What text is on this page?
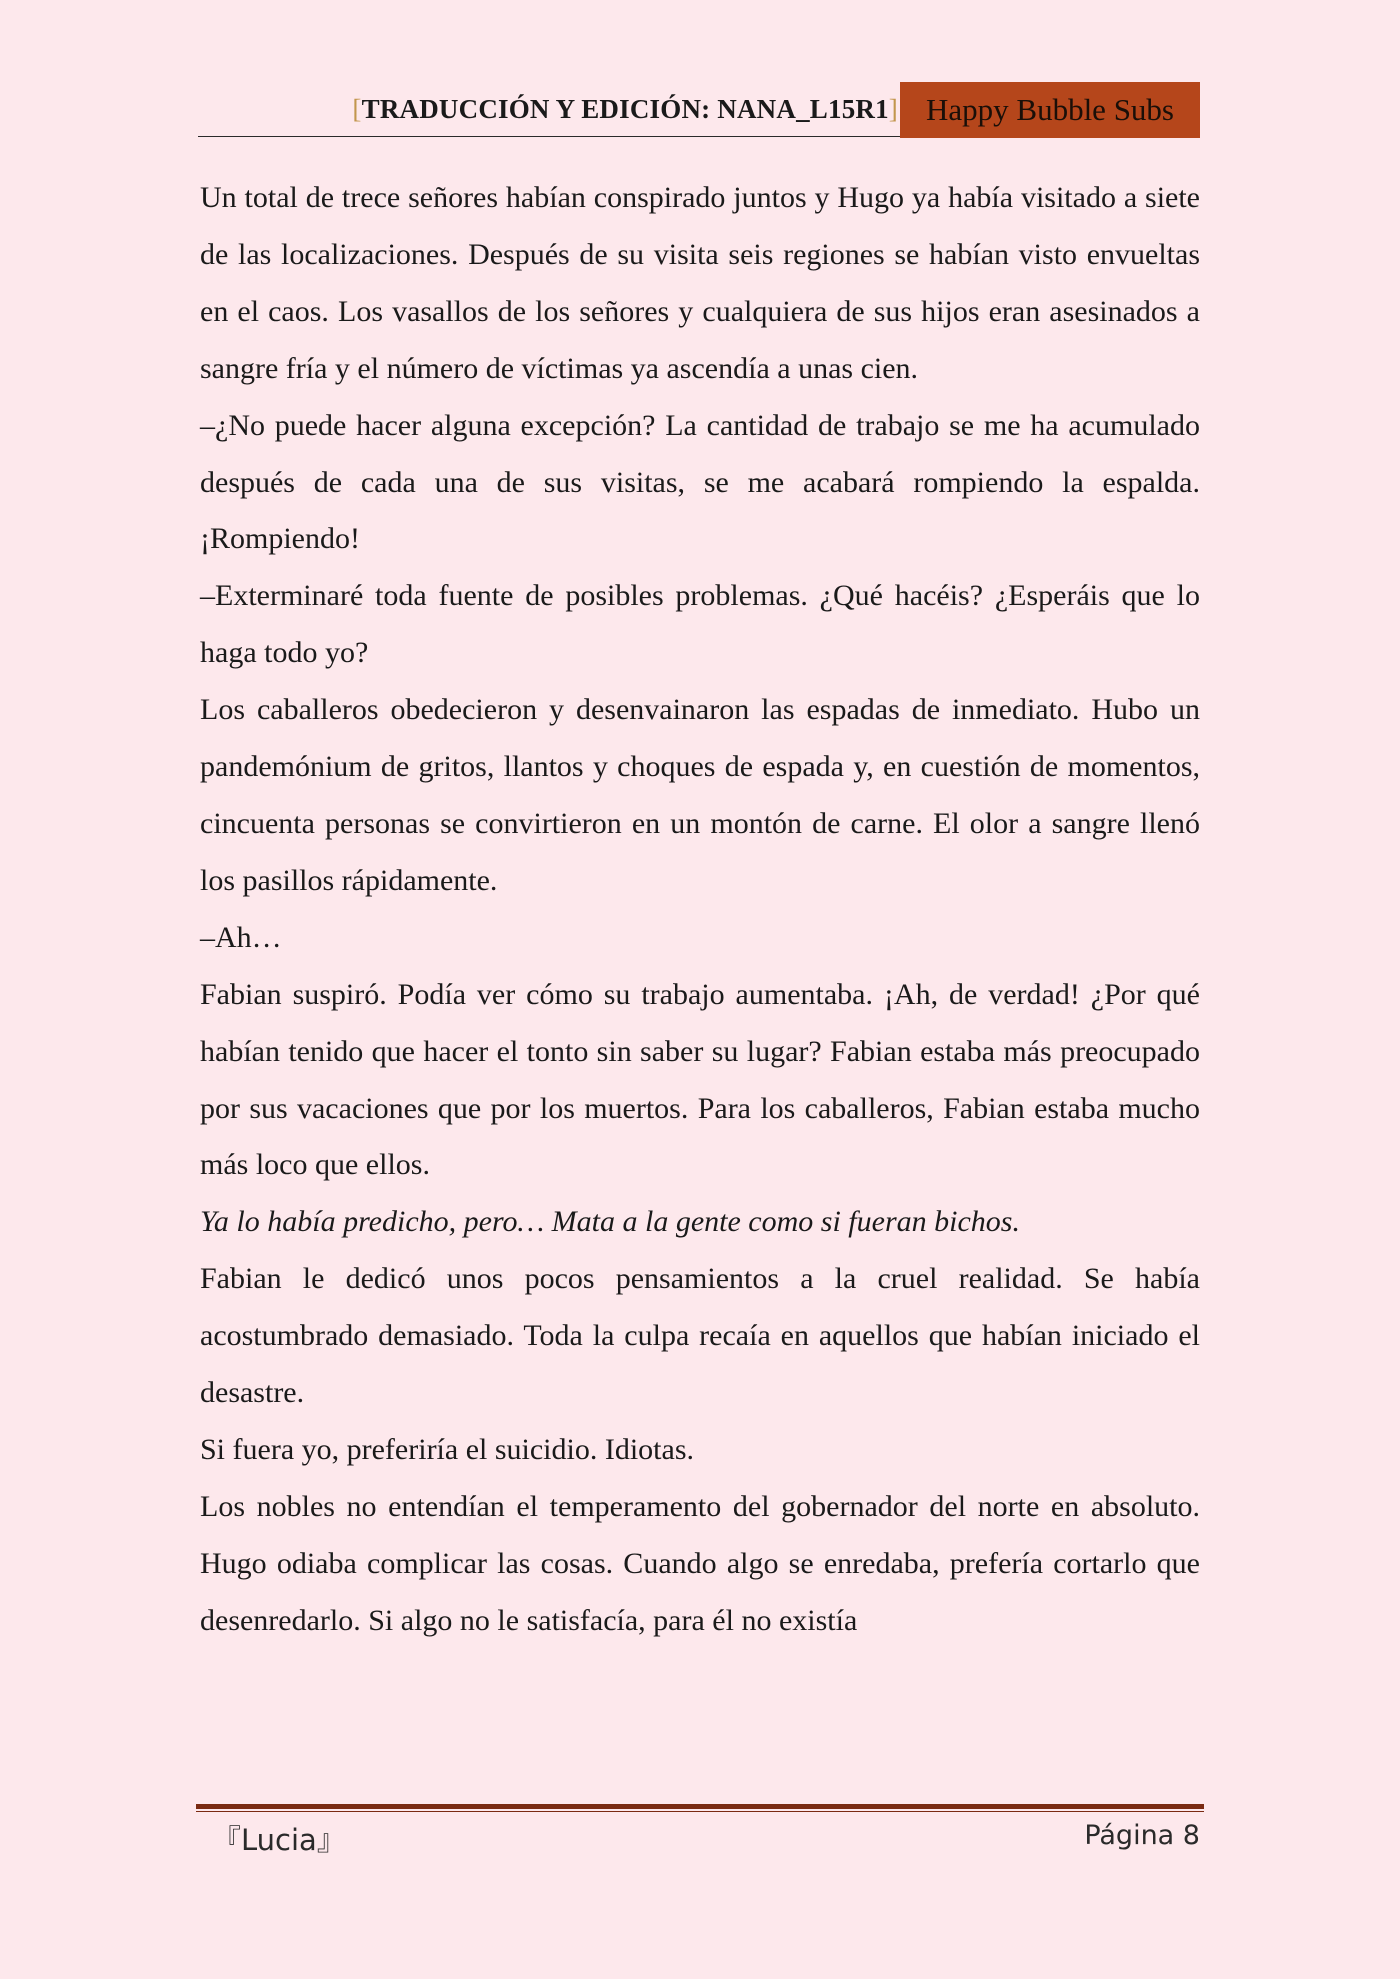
[TRADUCCIÓN Y EDICIÓN: NANA_L15R1] Happy Bubble Subs

Un total de trece señores habían conspirado juntos y Hugo ya había visitado a siete de las localizaciones. Después de su visita seis regiones se habían visto envueltas en el caos. Los vasallos de los señores y cualquiera de sus hijos eran asesinados a sangre fría y el número de víctimas ya ascendía a unas cien.

–¿No puede hacer alguna excepción? La cantidad de trabajo se me ha acumulado después de cada una de sus visitas, se me acabará rompiendo la espalda. ¡Rompiendo!

–Exterminaré toda fuente de posibles problemas. ¿Qué hacéis? ¿Esperáis que lo haga todo yo?

Los caballeros obedecieron y desenvainaron las espadas de inmediato. Hubo un pandemónium de gritos, llantos y choques de espada y, en cuestión de momentos, cincuenta personas se convirtieron en un montón de carne. El olor a sangre llenó los pasillos rápidamente.

–Ah…

Fabian suspiró. Podía ver cómo su trabajo aumentaba. ¡Ah, de verdad! ¿Por qué habían tenido que hacer el tonto sin saber su lugar? Fabian estaba más preocupado por sus vacaciones que por los muertos. Para los caballeros, Fabian estaba mucho más loco que ellos.

Ya lo había predicho, pero… Mata a la gente como si fueran bichos.

Fabian le dedicó unos pocos pensamientos a la cruel realidad. Se había acostumbrado demasiado. Toda la culpa recaía en aquellos que habían iniciado el desastre.

Si fuera yo, preferiría el suicidio. Idiotas.

Los nobles no entendían el temperamento del gobernador del norte en absoluto. Hugo odiaba complicar las cosas. Cuando algo se enredaba, prefería cortarlo que desenredarlo. Si algo no le satisfacía, para él no existía

『Lucia』	Página 8
